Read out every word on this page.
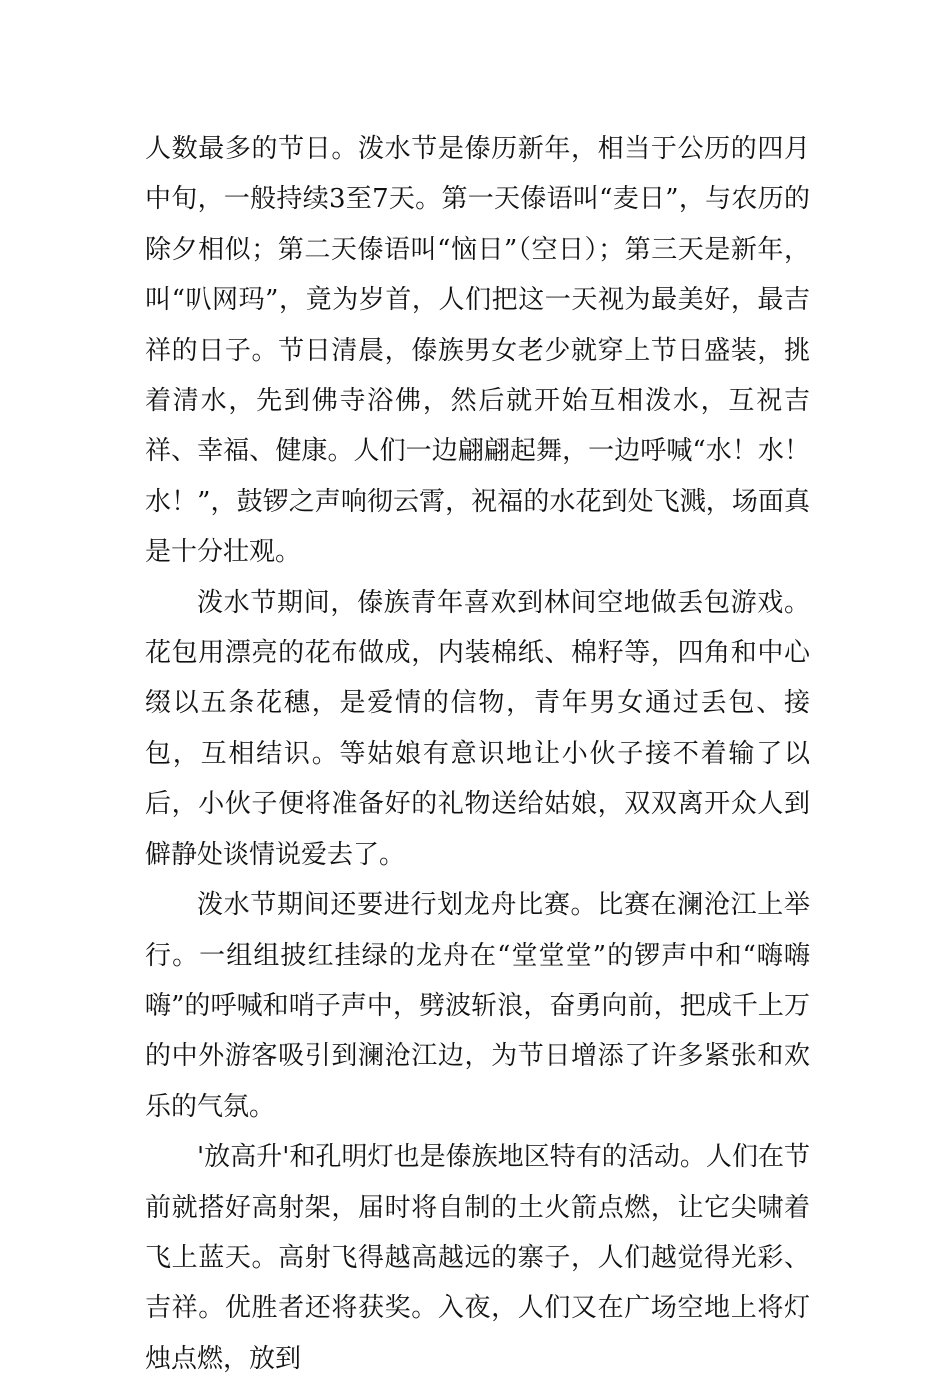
人数最多的节日。泼水节是傣历新年，相当于公历的四月中旬，一般持续3至7天。第一天傣语叫“麦日”，与农历的除夕相似；第二天傣语叫“恼日”（空日）；第三天是新年，叫“叭网玛”，竟为岁首，人们把这一天视为最美好，最吉祥的日子。节日清晨，傣族男女老少就穿上节日盛装，挑着清水，先到佛寺浴佛，然后就开始互相泼水，互祝吉祥、幸福、健康。人们一边翩翩起舞，一边呼喊“水！水！水！”，鼓锣之声响彻云霄，祝福的水花到处飞溅，场面真是十分壮观。

泼水节期间，傣族青年喜欢到林间空地做丢包游戏。花包用漂亮的花布做成，内装棉纸、棉籽等，四角和中心缀以五条花穗，是爱情的信物，青年男女通过丢包、接包，互相结识。等姑娘有意识地让小伙子接不着输了以后，小伙子便将准备好的礼物送给姑娘，双双离开众人到僻静处谈情说爱去了。

泼水节期间还要进行划龙舟比赛。比赛在澜沧江上举行。一组组披红挂绿的龙舟在“堂堂堂”的锣声中和“嗨嗨嗨”的呼喊和哨子声中，劈波斩浪，奋勇向前，把成千上万的中外游客吸引到澜沧江边，为节日增添了许多紧张和欢乐的气氛。

'放高升'和孔明灯也是傣族地区特有的活动。人们在节前就搭好高射架，届时将自制的土火箭点燃，让它尖啸着飞上蓝天。高射飞得越高越远的寨子，人们越觉得光彩、吉祥。优胜者还将获奖。入夜，人们又在广场空地上将灯烛点燃，放到
